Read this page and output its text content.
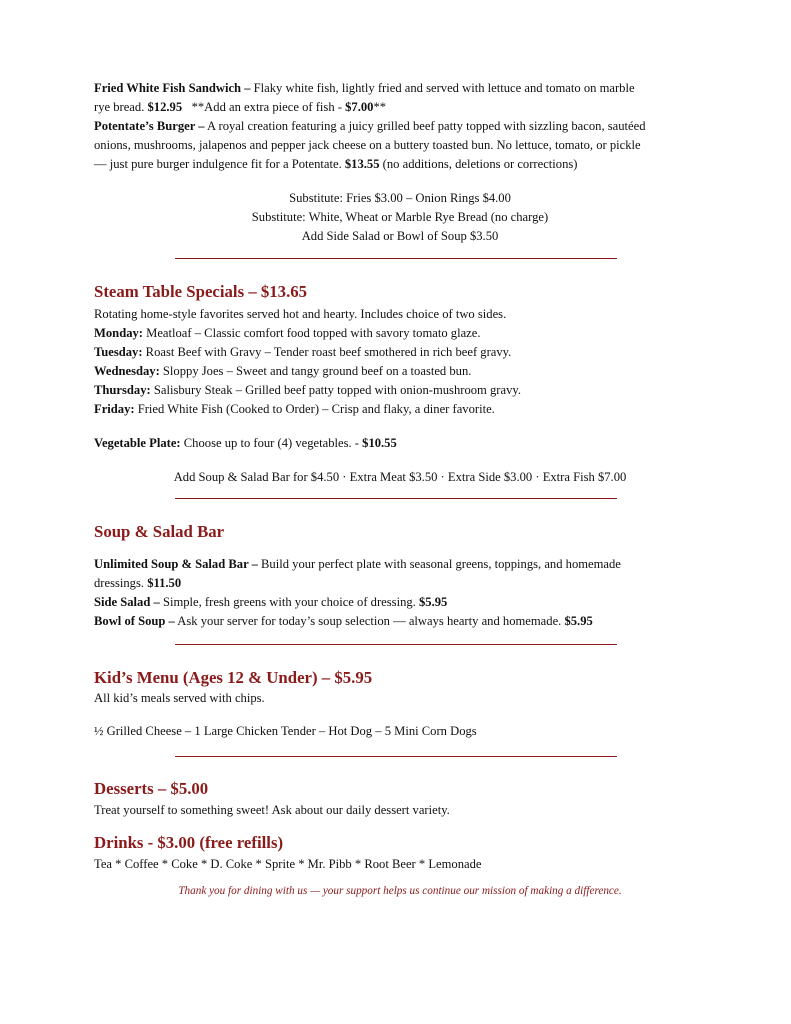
Fried White Fish Sandwich – Flaky white fish, lightly fried and served with lettuce and tomato on marble

rye bread. $12.95   **Add an extra piece of fish - $7.00**

Potentate’s Burger – A royal creation featuring a juicy grilled beef patty topped with sizzling bacon, sautéed

onions, mushrooms, jalapenos and pepper jack cheese on a buttery toasted bun. No lettuce, tomato, or pickle

— just pure burger indulgence fit for a Potentate. $13.55 (no additions, deletions or corrections)

Substitute: Fries $3.00 – Onion Rings $4.00

Substitute: White, Wheat or Marble Rye Bread (no charge)

Add Side Salad or Bowl of Soup $3.50

Steam Table Specials – $13.65

Rotating home-style favorites served hot and hearty. Includes choice of two sides.

Monday: Meatloaf – Classic comfort food topped with savory tomato glaze.

Tuesday: Roast Beef with Gravy – Tender roast beef smothered in rich beef gravy.

Wednesday: Sloppy Joes – Sweet and tangy ground beef on a toasted bun.

Thursday: Salisbury Steak – Grilled beef patty topped with onion-mushroom gravy.

Friday: Fried White Fish (Cooked to Order) – Crisp and flaky, a diner favorite.

Vegetable Plate: Choose up to four (4) vegetables. - $10.55

Add Soup & Salad Bar for $4.50 · Extra Meat $3.50 · Extra Side $3.00 · Extra Fish $7.00

Soup & Salad Bar

Unlimited Soup & Salad Bar – Build your perfect plate with seasonal greens, toppings, and homemade

dressings. $11.50

Side Salad – Simple, fresh greens with your choice of dressing. $5.95

Bowl of Soup – Ask your server for today’s soup selection — always hearty and homemade. $5.95

Kid’s Menu (Ages 12 & Under) – $5.95

All kid’s meals served with chips.

½ Grilled Cheese – 1 Large Chicken Tender – Hot Dog – 5 Mini Corn Dogs

Desserts – $5.00

Treat yourself to something sweet! Ask about our daily dessert variety.

Drinks - $3.00 (free refills)

Tea * Coffee * Coke * D. Coke * Sprite * Mr. Pibb * Root Beer * Lemonade

Thank you for dining with us — your support helps us continue our mission of making a difference.
